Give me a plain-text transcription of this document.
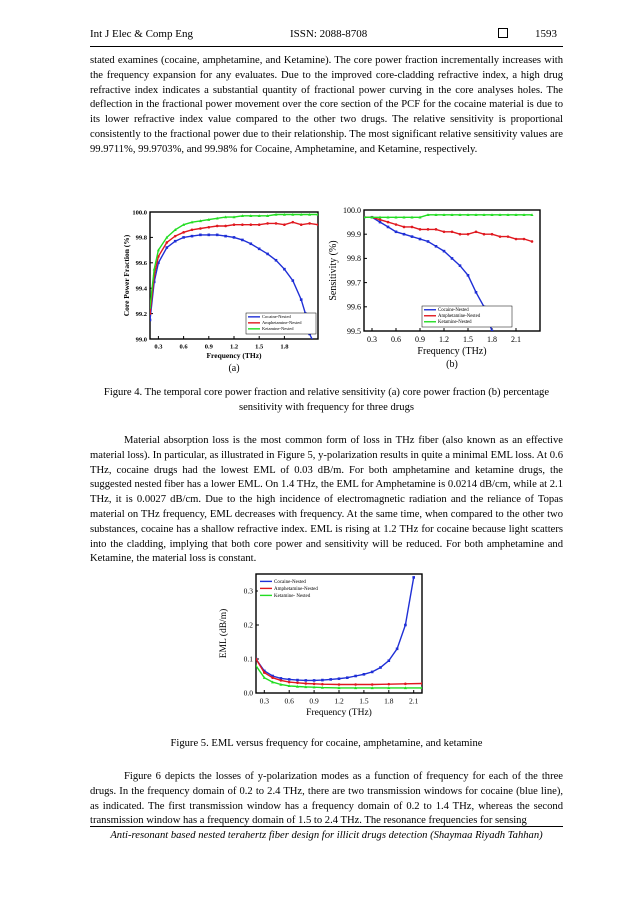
Int J Elec & Comp Eng	ISSN: 2088-8708	1593

stated examines (cocaine, amphetamine, and Ketamine). The core power fraction incrementally increases with the frequency expansion for any evaluates. Due to the improved core-cladding refractive index, a high drug refractive index indicates a substantial quantity of fractional power curving in the core analyses holes. The deflection in the fractional power movement over the core section of the PCF for the cocaine material is due to its lower refractive index value compared to the other two drugs. The relative sensitivity is proportional consistently to the fractional power due to their relationship. The most significant relative sensitivity values are 99.9711%, 99.9703%, and 99.98% for Cocaine, Amphetamine, and Ketamine, respectively.

0.3	0.6	0.9	1.2	1.5	1.8
99.0
99.2
99.4
99.6
99.8
100.0
Frequency (THz)
Core Power Fraction (%)
(a)
Cocaine-Nested
Amphetamine-Nested
Ketamine-Nested
0.3 0.6 0.9 1.2 1.5 1.8 2.1
99.5
99.6
99.7
99.8
99.9
100.0
Frequency (THz)
Sensitivity (%)
(b)
Cocaine-Nested
Amphetamine-Nested
Ketamine-Nested
Figure 4. The temporal core power fraction and relative sensitivity (a) core power fraction (b) percentage sensitivity with frequency for three drugs

Material absorption loss is the most common form of loss in THz fiber (also known as an effective material loss). In particular, as illustrated in Figure 5, y-polarization results in quite a minimal EML loss. At 0.6 THz, cocaine drugs had the lowest EML of 0.03 dB/m. For both amphetamine and ketamine drugs, the suggested nested fiber has a lower EML. On 1.4 THz, the EML for Amphetamine is 0.0214 dB/cm, while at 2.1 THz, it is 0.0027 dB/cm. Due to the high incidence of electromagnetic radiation and the reliance of Topas material on THz frequency, EML decreases with frequency. At the same time, when compared to the other two substances, cocaine has a shallow refractive index. EML is rising at 1.2 THz for cocaine because light scatters into the cladding, implying that both core power and sensitivity will be reduced. For both amphetamine and Ketamine, the material loss is constant.

0.3 0.6 0.9 1.2 1.5 1.8 2.1
0.0
0.1
0.2
0.3
Frequency (THz)
EML (dB/m)
Cocaine-Nested
Amphetamine-Nested
Ketamine- Nested
Figure 5. EML versus frequency for cocaine, amphetamine, and ketamine

Figure 6 depicts the losses of y-polarization modes as a function of frequency for each of the three drugs. In the frequency domain of 0.2 to 2.4 THz, there are two transmission windows for cocaine (blue line), as indicated. The first transmission window has a frequency domain of 0.2 to 1.4 THz, whereas the second transmission window has a frequency domain of 1.5 to 2.4 THz. The resonance frequencies for sensing

Anti-resonant based nested terahertz fiber design for illicit drugs detection (Shaymaa Riyadh Tahhan)
